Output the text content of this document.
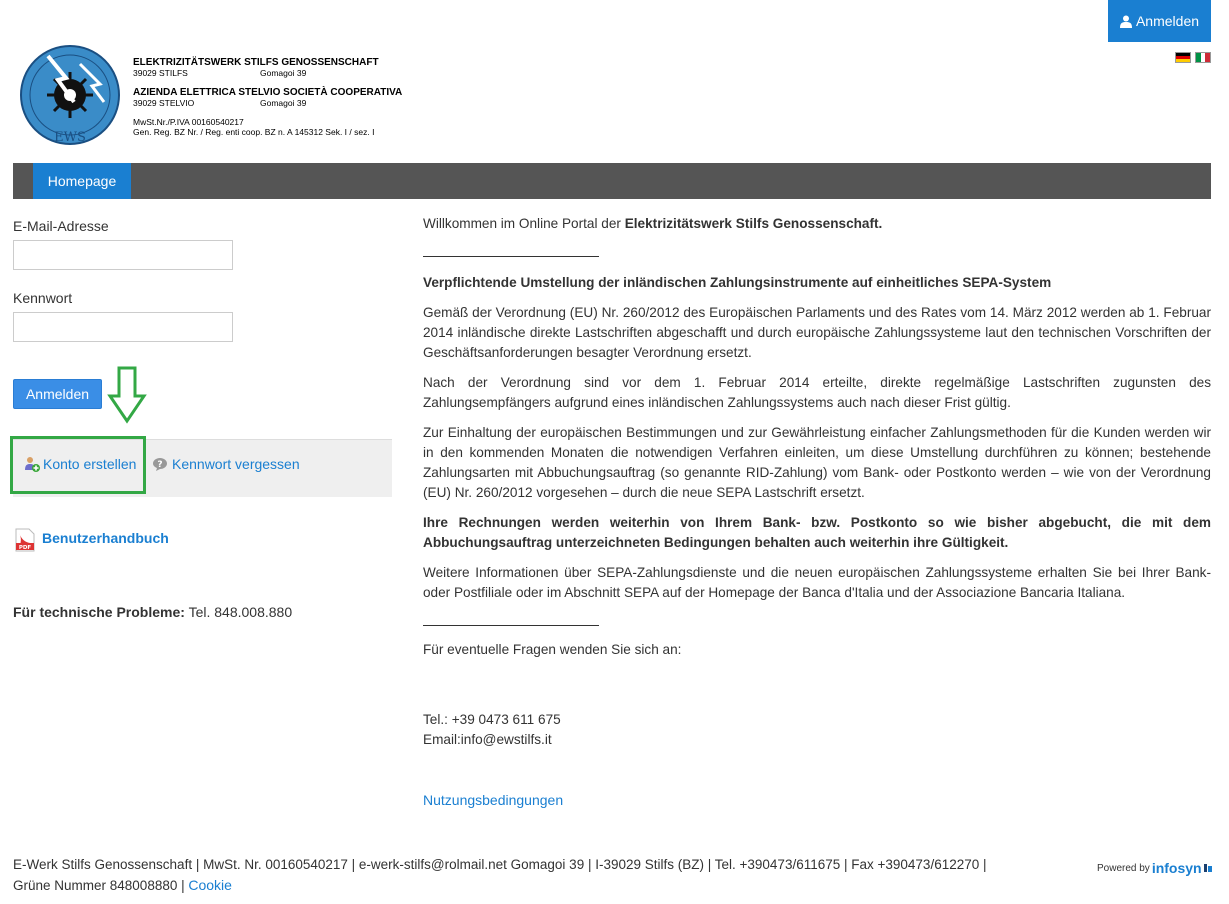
Anmelden
EWS
ELEKTRIZITÄTSWERK STILFS GENOSSENSCHAFT
39029 STILFS	Gomagoi 39
AZIENDA ELETTRICA STELVIO SOCIETÀ COOPERATIVA
39029 STELVIO	Gomagoi 39
MwSt.Nr./P.IVA 00160540217
Gen. Reg. BZ Nr. / Reg. enti coop. BZ n. A 145312 Sek. I / sez. I
Homepage
E-Mail-Adresse
Kennwort
Anmelden
Konto erstellen ? Kennwort vergessen
PDF
Benutzerhandbuch
Für technische Probleme: Tel. 848.008.880

Willkommen im Online Portal der Elektrizitätswerk Stilfs Genossenschaft.

Verpflichtende Umstellung der inländischen Zahlungsinstrumente auf einheitliches SEPA-System

Gemäß der Verordnung (EU) Nr. 260/2012 des Europäischen Parlaments und des Rates vom 14. März 2012 werden ab 1. Februar 2014 inländische direkte Lastschriften abgeschafft und durch europäische Zahlungssysteme laut den technischen Vorschriften der Geschäftsanforderungen besagter Verordnung ersetzt.

Nach der Verordnung sind vor dem 1. Februar 2014 erteilte, direkte regelmäßige Lastschriften zugunsten des Zahlungsempfängers aufgrund eines inländischen Zahlungssystems auch nach dieser Frist gültig.

Zur Einhaltung der europäischen Bestimmungen und zur Gewährleistung einfacher Zahlungsmethoden für die Kunden werden wir in den kommenden Monaten die notwendigen Verfahren einleiten, um diese Umstellung durchführen zu können; bestehende Zahlungsarten mit Abbuchungsauftrag (so genannte RID-Zahlung) vom Bank- oder Postkonto werden – wie von der Verordnung (EU) Nr. 260/2012 vorgesehen – durch die neue SEPA Lastschrift ersetzt.

Ihre Rechnungen werden weiterhin von Ihrem Bank- bzw. Postkonto so wie bisher abgebucht, die mit dem Abbuchungsauftrag unterzeichneten Bedingungen behalten auch weiterhin ihre Gültigkeit.

Weitere Informationen über SEPA-Zahlungsdienste und die neuen europäischen Zahlungssysteme erhalten Sie bei Ihrer Bank- oder Postfiliale oder im Abschnitt SEPA auf der Homepage der Banca d'Italia und der Associazione Bancaria Italiana.

Für eventuelle Fragen wenden Sie sich an:

Tel.: +39 0473 611 675

Email:info@ewstilfs.it

Nutzungsbedingungen

E-Werk Stilfs Genossenschaft | MwSt. Nr. 00160540217 | e-werk-stilfs@rolmail.net Gomagoi 39 | I-39029 Stilfs (BZ) | Tel. +390473/611675 | Fax +390473/612270 |
Grüne Nummer 848008880 | Cookie
Powered by infosyn
